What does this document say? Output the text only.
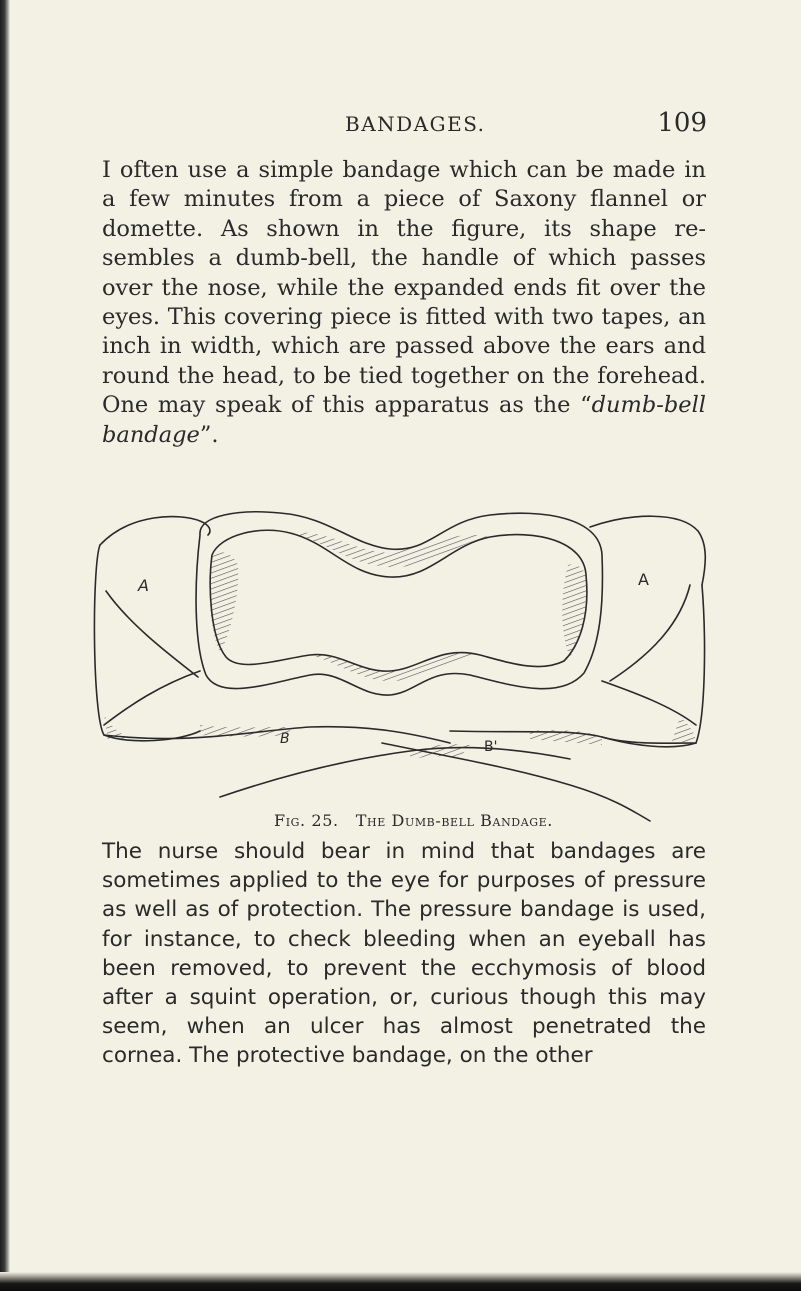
BANDAGES.	109

I often use a simple bandage which can be made in a few minutes from a piece of Saxony flannel or domette. As shown in the figure, its shape resembles a dumb-bell, the handle of which passes over the nose, while the expanded ends fit over the eyes. This covering piece is fitted with two tapes, an inch in width, which are passed above the ears and round the head, to be tied together on the forehead. One may speak of this apparatus as the “dumb-bell bandage”.

A	A
B	B'
Fig. 25. The Dumb-bell Bandage.

The nurse should bear in mind that bandages are sometimes applied to the eye for purposes of pressure as well as of protection. The pressure bandage is used, for instance, to check bleeding when an eyeball has been removed, to prevent the ecchymosis of blood after a squint operation, or, curious though this may seem, when an ulcer has almost penetrated the cornea. The protective bandage, on the other
